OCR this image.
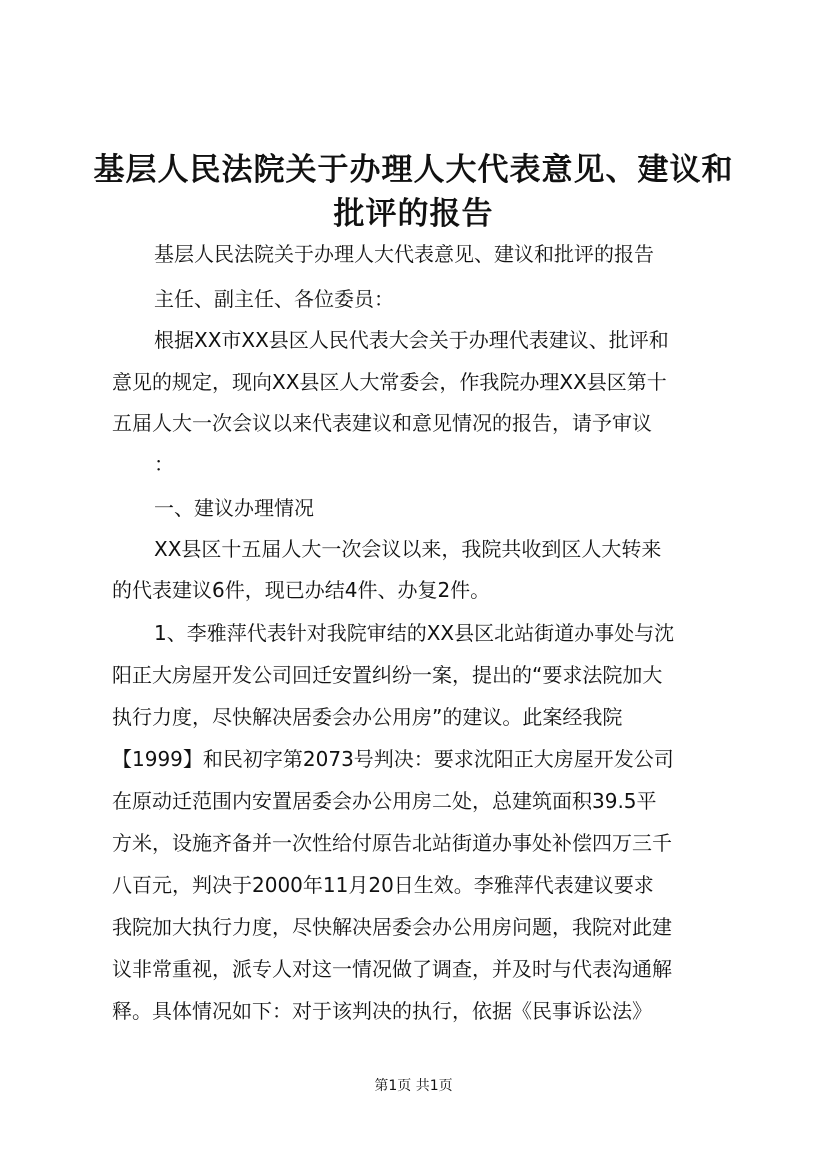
基层人民法院关于办理人大代表意见、建议和
批评的报告

基层人民法院关于办理人大代表意见、建议和批评的报告

主任、副主任、各位委员：

根据XX市XX县区人民代表大会关于办理代表建议、批评和

意见的规定，现向XX县区人大常委会，作我院办理XX县区第十

五届人大一次会议以来代表建议和意见情况的报告，请予审议

：

一、建议办理情况

XX县区十五届人大一次会议以来，我院共收到区人大转来

的代表建议6件，现已办结4件、办复2件。

1、李雅萍代表针对我院审结的XX县区北站街道办事处与沈

阳正大房屋开发公司回迁安置纠纷一案，提出的“要求法院加大

执行力度，尽快解决居委会办公用房”的建议。此案经我院

【1999】和民初字第2073号判决：要求沈阳正大房屋开发公司

在原动迁范围内安置居委会办公用房二处，总建筑面积39.5平

方米，设施齐备并一次性给付原告北站街道办事处补偿四万三千

八百元，判决于2000年11月20日生效。李雅萍代表建议要求

我院加大执行力度，尽快解决居委会办公用房问题，我院对此建

议非常重视，派专人对这一情况做了调查，并及时与代表沟通解

释。具体情况如下：对于该判决的执行，依据《民事诉讼法》

第1页 共1页
